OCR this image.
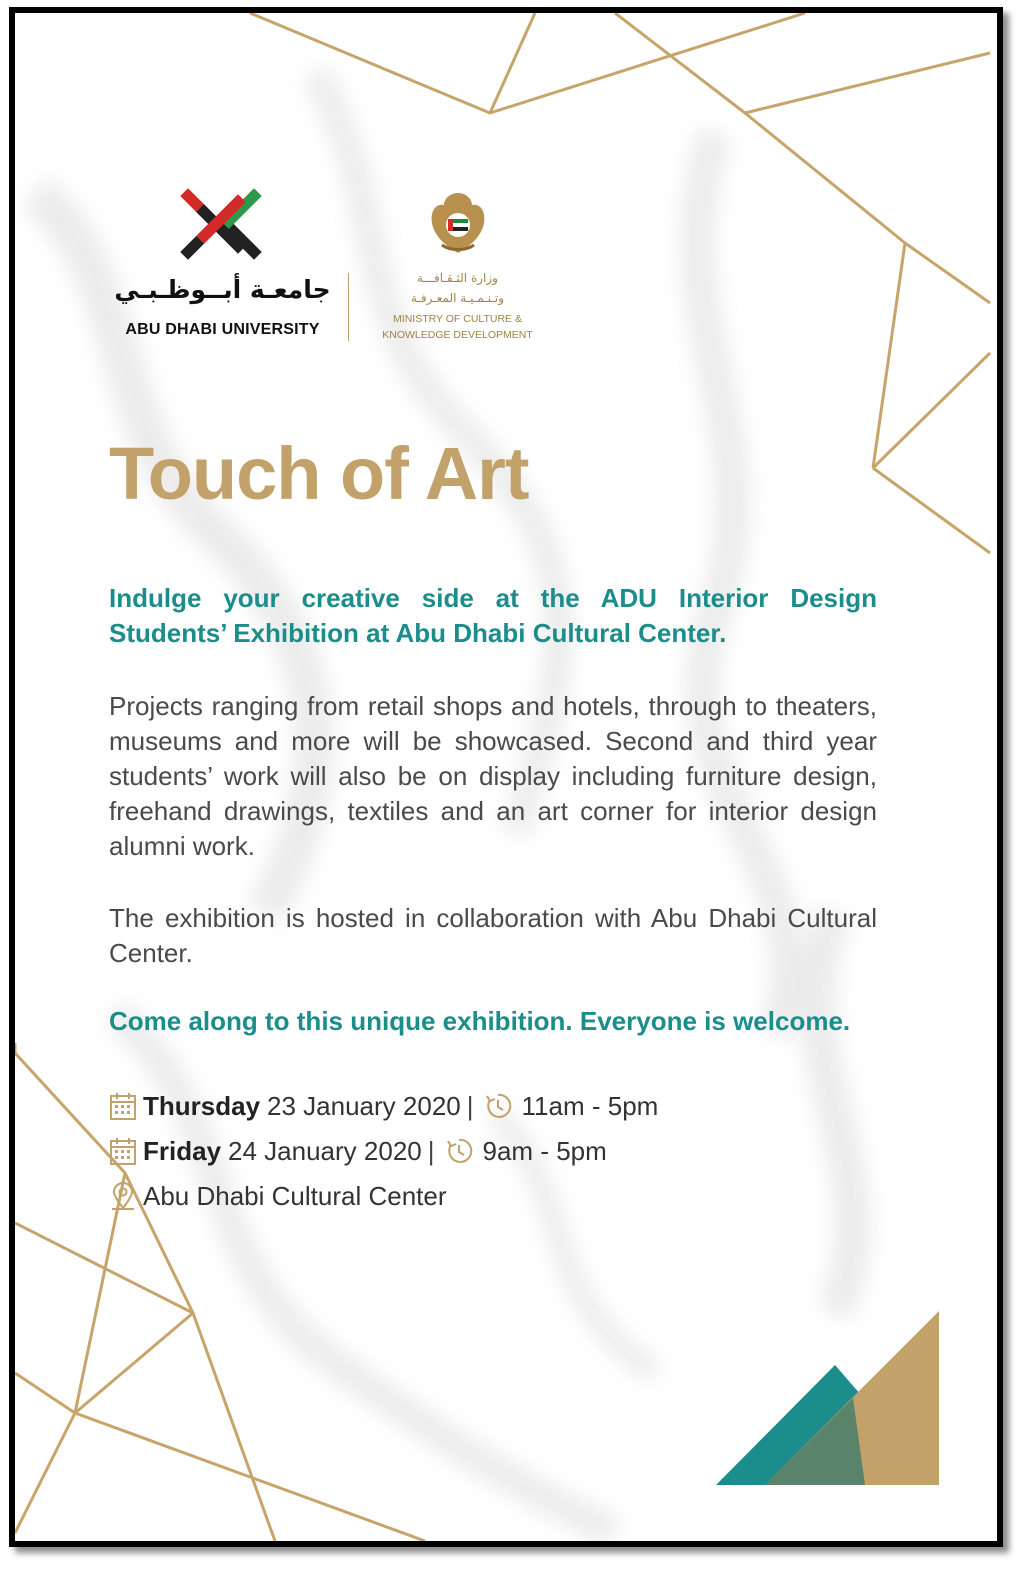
جامعـة أبــوظـبـي
ABU DHABI UNIVERSITY
وزارة الثـقـافـــة
وتـنـمـيـة المعـرفـة
MINISTRY OF CULTURE &
KNOWLEDGE DEVELOPMENT
Touch of Art
Indulge your creative side at the ADU Interior Design Students’ Exhibition at Abu Dhabi Cultural Center.
Projects ranging from retail shops and hotels, through to theaters, museums and more will be showcased. Second and third year students’ work will also be on display including furniture design, freehand drawings, textiles and an art corner for interior design alumni work.
The exhibition is hosted in collaboration with Abu Dhabi Cultural Center.
Come along to this unique exhibition. Everyone is welcome.
Thursday 23 January 2020 | 11am - 5pm
Friday 24 January 2020 | 9am - 5pm
Abu Dhabi Cultural Center
